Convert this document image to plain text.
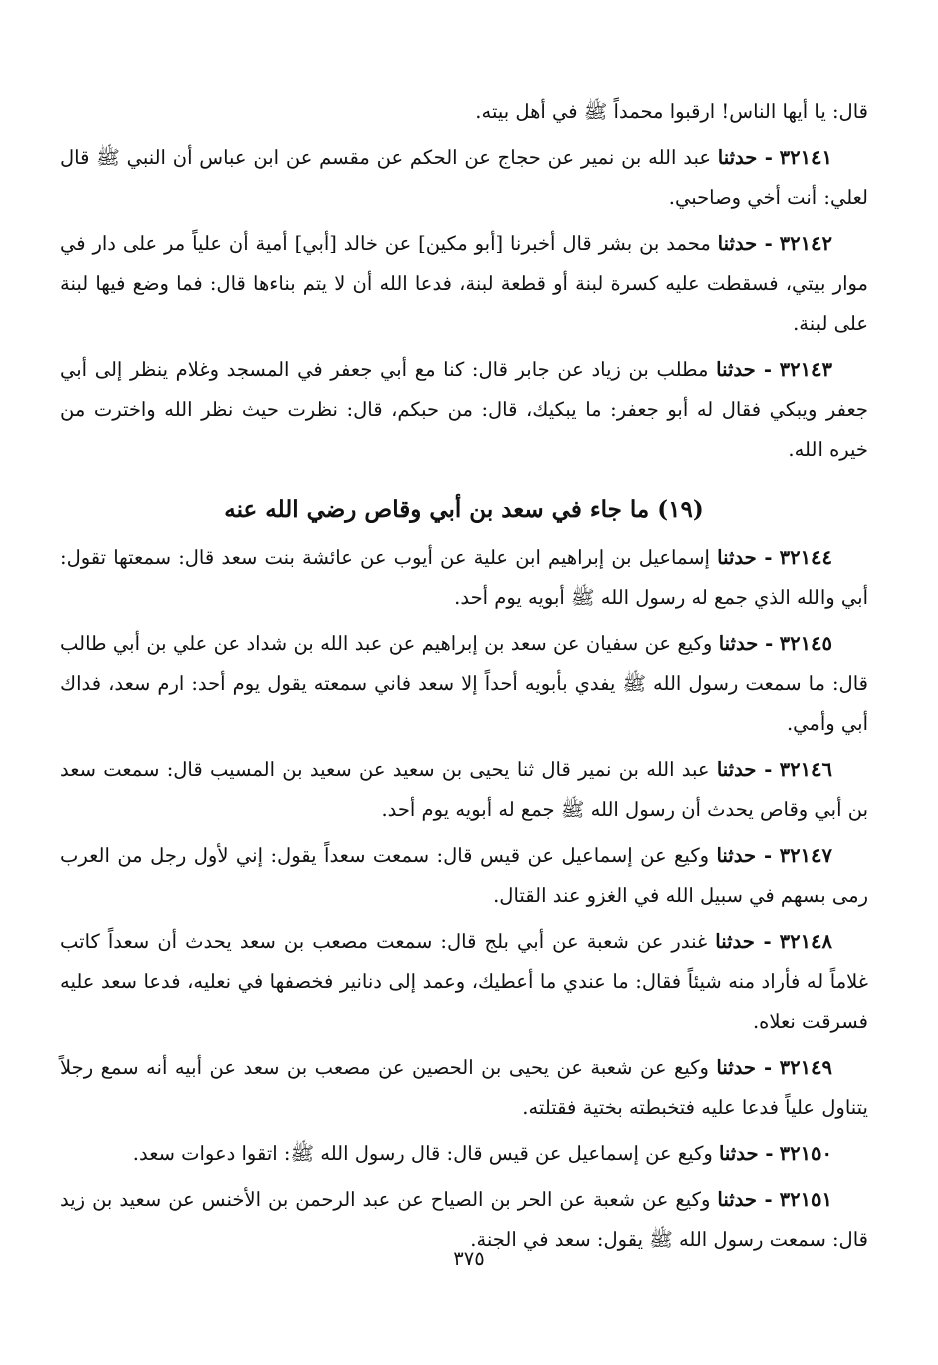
قال: يا أيها الناس! ارقبوا محمداً ﷺ في أهل بيته.

٣٢١٤١ - حدثنا عبد الله بن نمير عن حجاج عن الحكم عن مقسم عن ابن عباس أن النبي ﷺ قال لعلي: أنت أخي وصاحبي.

٣٢١٤٢ - حدثنا محمد بن بشر قال أخبرنا [أبو مكين] عن خالد [أبي] أمية أن علياً مر على دار في موار بيتي، فسقطت عليه كسرة لبنة أو قطعة لبنة، فدعا الله أن لا يتم بناءها قال: فما وضع فيها لبنة على لبنة.

٣٢١٤٣ - حدثنا مطلب بن زياد عن جابر قال: كنا مع أبي جعفر في المسجد وغلام ينظر إلى أبي جعفر ويبكي فقال له أبو جعفر: ما يبكيك، قال: من حبكم، قال: نظرت حيث نظر الله واخترت من خيره الله.

(١٩) ما جاء في سعد بن أبي وقاص رضي الله عنه

٣٢١٤٤ - حدثنا إسماعيل بن إبراهيم ابن علية عن أيوب عن عائشة بنت سعد قال: سمعتها تقول: أبي والله الذي جمع له رسول الله ﷺ أبويه يوم أحد.

٣٢١٤٥ - حدثنا وكيع عن سفيان عن سعد بن إبراهيم عن عبد الله بن شداد عن علي بن أبي طالب قال: ما سمعت رسول الله ﷺ يفدي بأبويه أحداً إلا سعد فاني سمعته يقول يوم أحد: ارم سعد، فداك أبي وأمي.

٣٢١٤٦ - حدثنا عبد الله بن نمير قال ثنا يحيى بن سعيد عن سعيد بن المسيب قال: سمعت سعد بن أبي وقاص يحدث أن رسول الله ﷺ جمع له أبويه يوم أحد.

٣٢١٤٧ - حدثنا وكيع عن إسماعيل عن قيس قال: سمعت سعداً يقول: إني لأول رجل من العرب رمى بسهم في سبيل الله في الغزو عند القتال.

٣٢١٤٨ - حدثنا غندر عن شعبة عن أبي بلج قال: سمعت مصعب بن سعد يحدث أن سعداً كاتب غلاماً له فأراد منه شيئاً فقال: ما عندي ما أعطيك، وعمد إلى دنانير فخصفها في نعليه، فدعا سعد عليه فسرقت نعلاه.

٣٢١٤٩ - حدثنا وكيع عن شعبة عن يحيى بن الحصين عن مصعب بن سعد عن أبيه أنه سمع رجلاً يتناول علياً فدعا عليه فتخبطته بختية فقتلته.

٣٢١٥٠ - حدثنا وكيع عن إسماعيل عن قيس قال: قال رسول الله ﷺ: اتقوا دعوات سعد.

٣٢١٥١ - حدثنا وكيع عن شعبة عن الحر بن الصياح عن عبد الرحمن بن الأخنس عن سعيد بن زيد قال: سمعت رسول الله ﷺ يقول: سعد في الجنة.

٣٧٥
